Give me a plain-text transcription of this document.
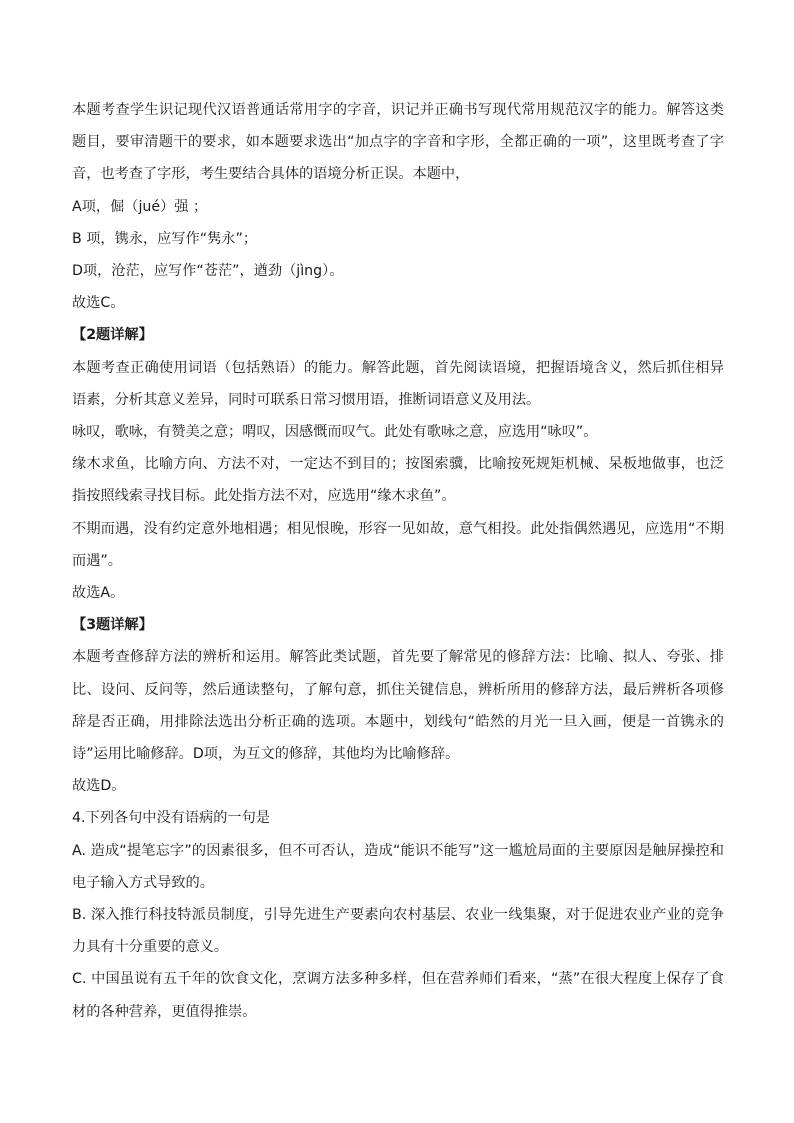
本题考查学生识记现代汉语普通话常用字的字音，识记并正确书写现代常用规范汉字的能力。解答这类题目，要审清题干的要求，如本题要求选出“加点字的字音和字形，全都正确的一项”，这里既考查了字音，也考查了字形，考生要结合具体的语境分析正误。本题中，

A项，倔（jué）强 ；

B 项，镌永，应写作“隽永”；

D项，沧茫，应写作“苍茫”，遒劲（jìng）。

故选C。

【2题详解】

本题考查正确使用词语（包括熟语）的能力。解答此题，首先阅读语境，把握语境含义，然后抓住相异语素，分析其意义差异，同时可联系日常习惯用语，推断词语意义及用法。

咏叹，歌咏，有赞美之意；喟叹，因感慨而叹气。此处有歌咏之意，应选用“咏叹”。

缘木求鱼，比喻方向、方法不对，一定达不到目的；按图索骥，比喻按死规矩机械、呆板地做事，也泛指按照线索寻找目标。此处指方法不对，应选用“缘木求鱼”。

不期而遇，没有约定意外地相遇；相见恨晚，形容一见如故，意气相投。此处指偶然遇见，应选用“不期而遇”。

故选A。

【3题详解】

本题考查修辞方法的辨析和运用。解答此类试题，首先要了解常见的修辞方法：比喻、拟人、夸张、排比、设问、反问等，然后通读整句，了解句意，抓住关键信息，辨析所用的修辞方法，最后辨析各项修辞是否正确，用排除法选出分析正确的选项。本题中，划线句“皓然的月光一旦入画，便是一首镌永的诗”运用比喻修辞。D项，为互文的修辞，其他均为比喻修辞。

故选D。

4.下列各句中没有语病的一句是

A. 造成“提笔忘字”的因素很多，但不可否认，造成“能识不能写”这一尴尬局面的主要原因是触屏操控和电子输入方式导致的。

B. 深入推行科技特派员制度，引导先进生产要素向农村基层、农业一线集聚，对于促进农业产业的竞争力具有十分重要的意义。

C. 中国虽说有五千年的饮食文化，烹调方法多种多样，但在营养师们看来，“蒸”在很大程度上保存了食材的各种营养，更值得推崇。
